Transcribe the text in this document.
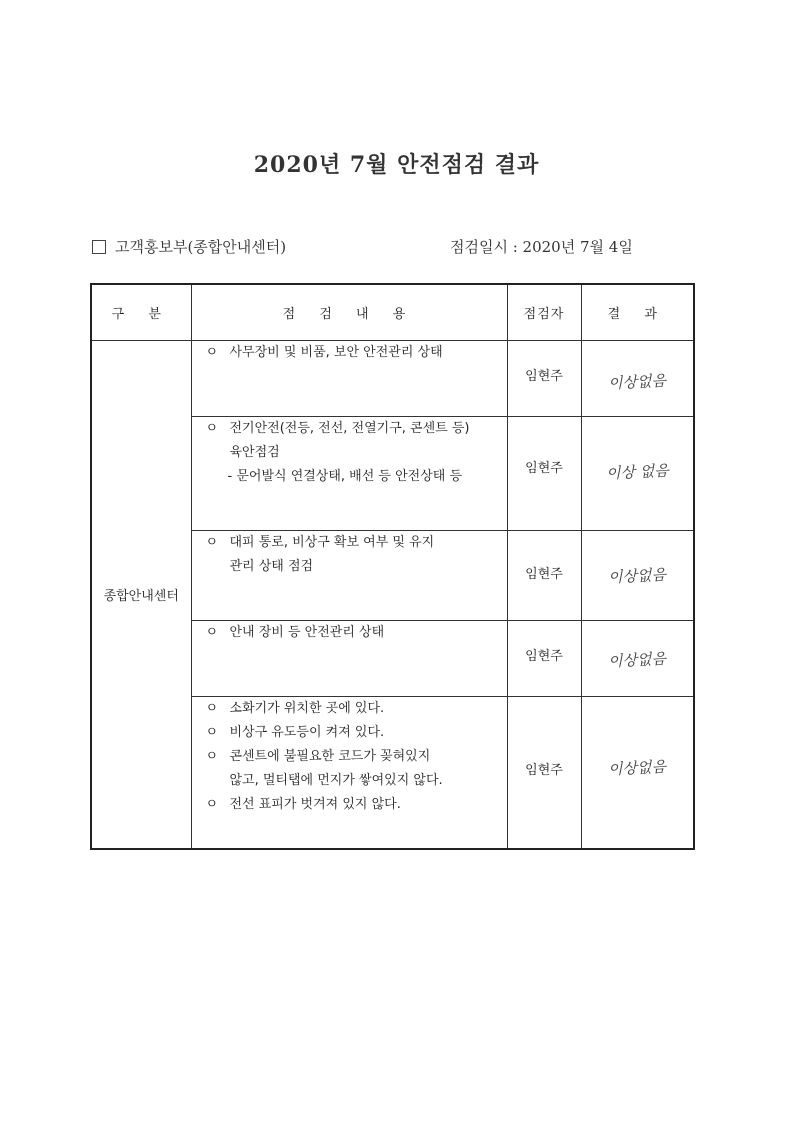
2020년 7월 안전점검 결과
고객홍보부(종합안내센터)	점검일시 : 2020년 7월 4일
구 분	점 검 내 용	점검자	결 과
종합안내센터	ㅇ 사무장비 및 비품, 보안 안전관리 상태	임현주	이상없음

	ㅇ 전기안전(전등, 전선, 전열기구, 콘센트 등)
육안점검
- 문어발식 연결상태, 배선 등 안전상태 등	임현주	이상 없음

	ㅇ 대피 통로, 비상구 확보 여부 및 유지
관리 상태 점검	임현주	이상없음

	ㅇ 안내 장비 등 안전관리 상태	임현주	이상없음

	ㅇ 소화기가 위치한 곳에 있다.
ㅇ 비상구 유도등이 켜져 있다.
ㅇ 콘센트에 불필요한 코드가 꽂혀있지
않고, 멀티탭에 먼지가 쌓여있지 않다.
ㅇ 전선 표피가 벗겨져 있지 않다.	임현주	이상없음
